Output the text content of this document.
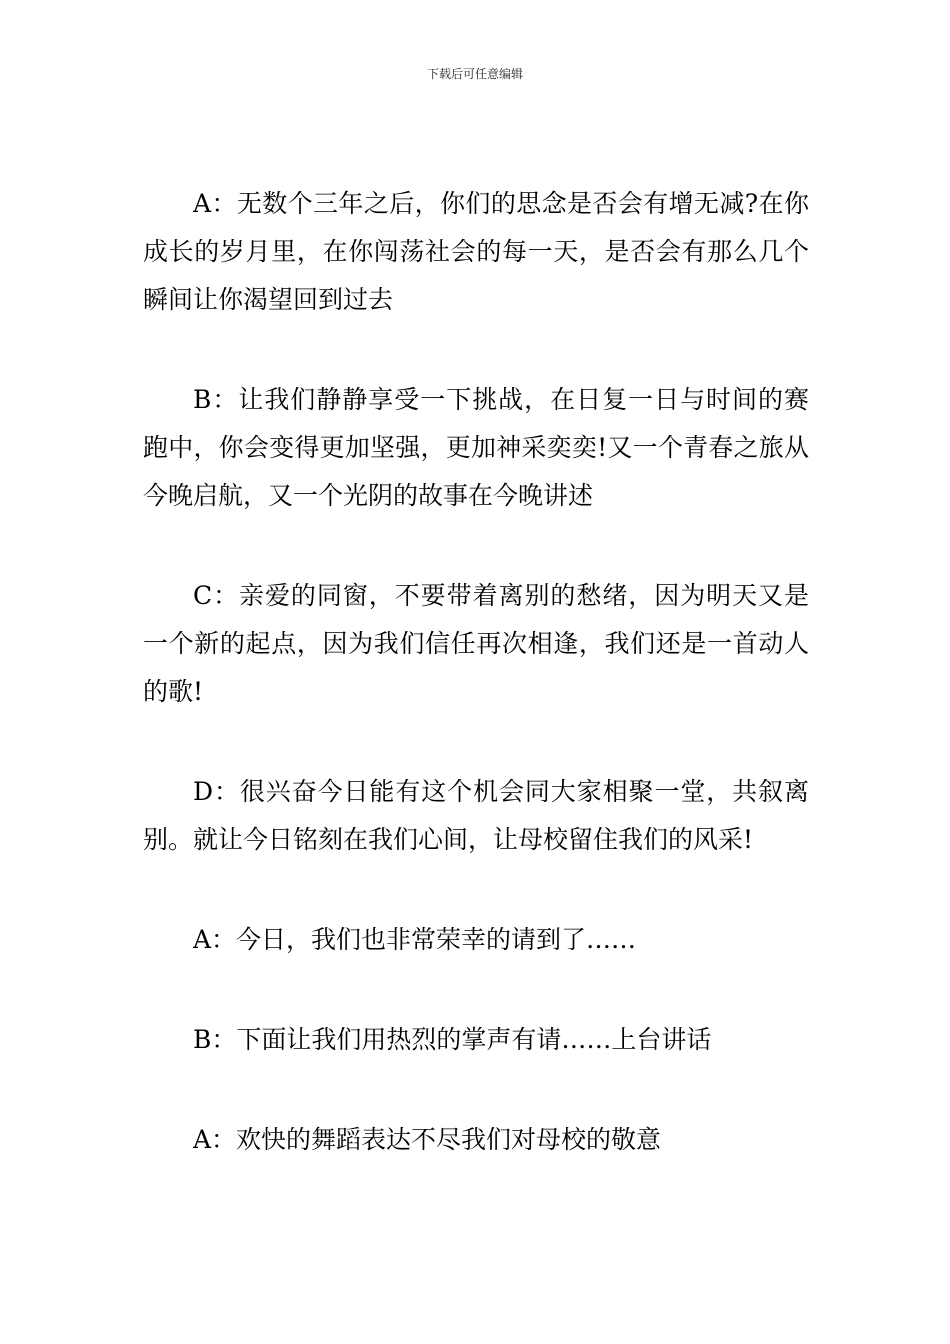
下载后可任意编辑

A：无数个三年之后，你们的思念是否会有增无减?在你成长的岁月里，在你闯荡社会的每一天，是否会有那么几个瞬间让你渴望回到过去

B：让我们静静享受一下挑战，在日复一日与时间的赛跑中，你会变得更加坚强，更加神采奕奕!又一个青春之旅从今晚启航，又一个光阴的故事在今晚讲述

C：亲爱的同窗，不要带着离别的愁绪，因为明天又是一个新的起点，因为我们信任再次相逢，我们还是一首动人的歌!

D：很兴奋今日能有这个机会同大家相聚一堂，共叙离别。就让今日铭刻在我们心间，让母校留住我们的风采!

A：今日，我们也非常荣幸的请到了……

B：下面让我们用热烈的掌声有请……上台讲话

A：欢快的舞蹈表达不尽我们对母校的敬意
